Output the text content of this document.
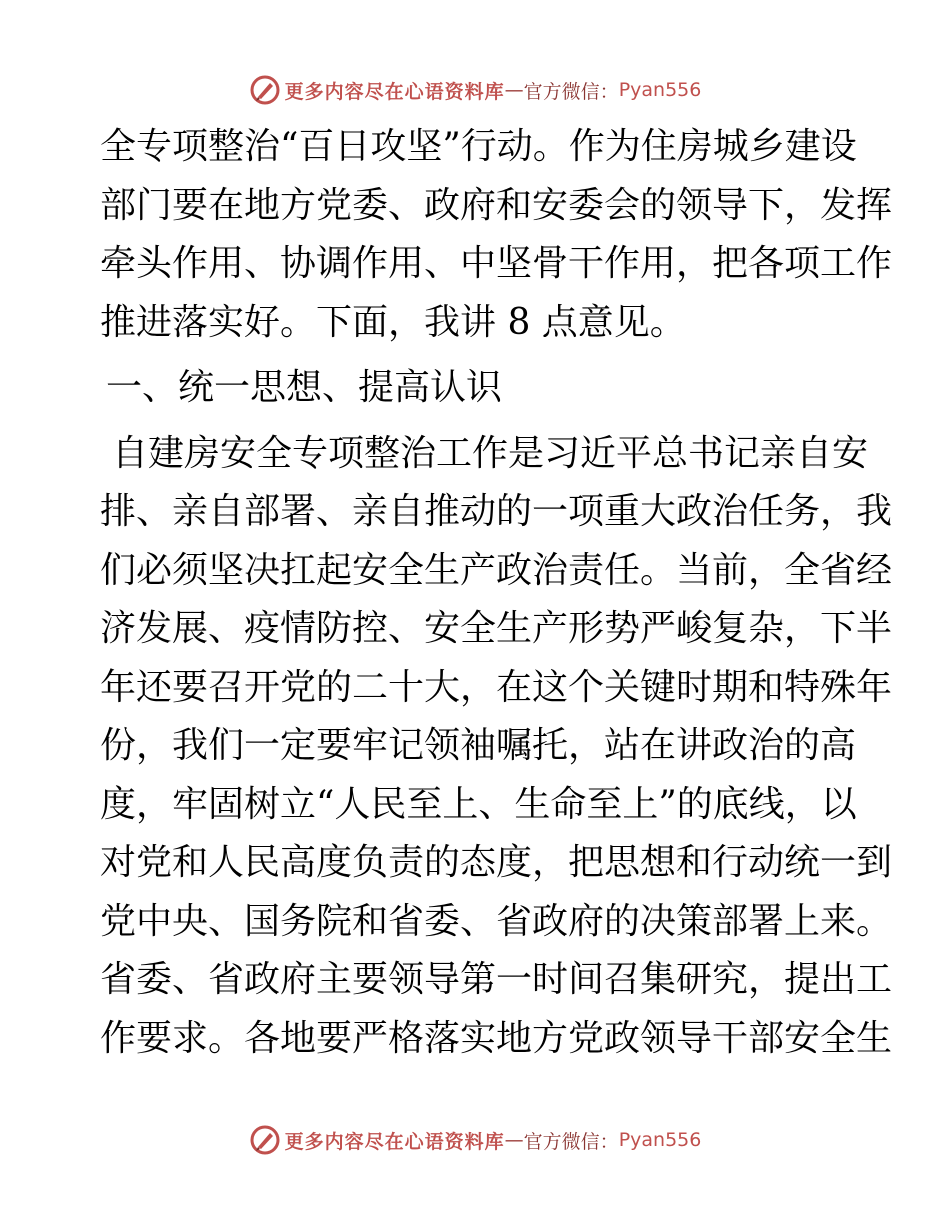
更多内容尽在心语资料库 — 官方微信： Pyan556
全专项整治“百日攻坚”行动。作为住房城乡建设
部门要在地方党委、政府和安委会的领导下，发挥
牵头作用、协调作用、中坚骨干作用，把各项工作
推进落实好。下面，我讲 8 点意见。
一、统一思想、提高认识
自建房安全专项整治工作是习近平总书记亲自安
排、亲自部署、亲自推动的一项重大政治任务，我
们必须坚决扛起安全生产政治责任。当前，全省经
济发展、疫情防控、安全生产形势严峻复杂，下半
年还要召开党的二十大，在这个关键时期和特殊年
份，我们一定要牢记领袖嘱托，站在讲政治的高
度，牢固树立“人民至上、生命至上”的底线，以
对党和人民高度负责的态度，把思想和行动统一到
党中央、国务院和省委、省政府的决策部署上来。
省委、省政府主要领导第一时间召集研究，提出工
作要求。各地要严格落实地方党政领导干部安全生
更多内容尽在心语资料库 — 官方微信： Pyan556
